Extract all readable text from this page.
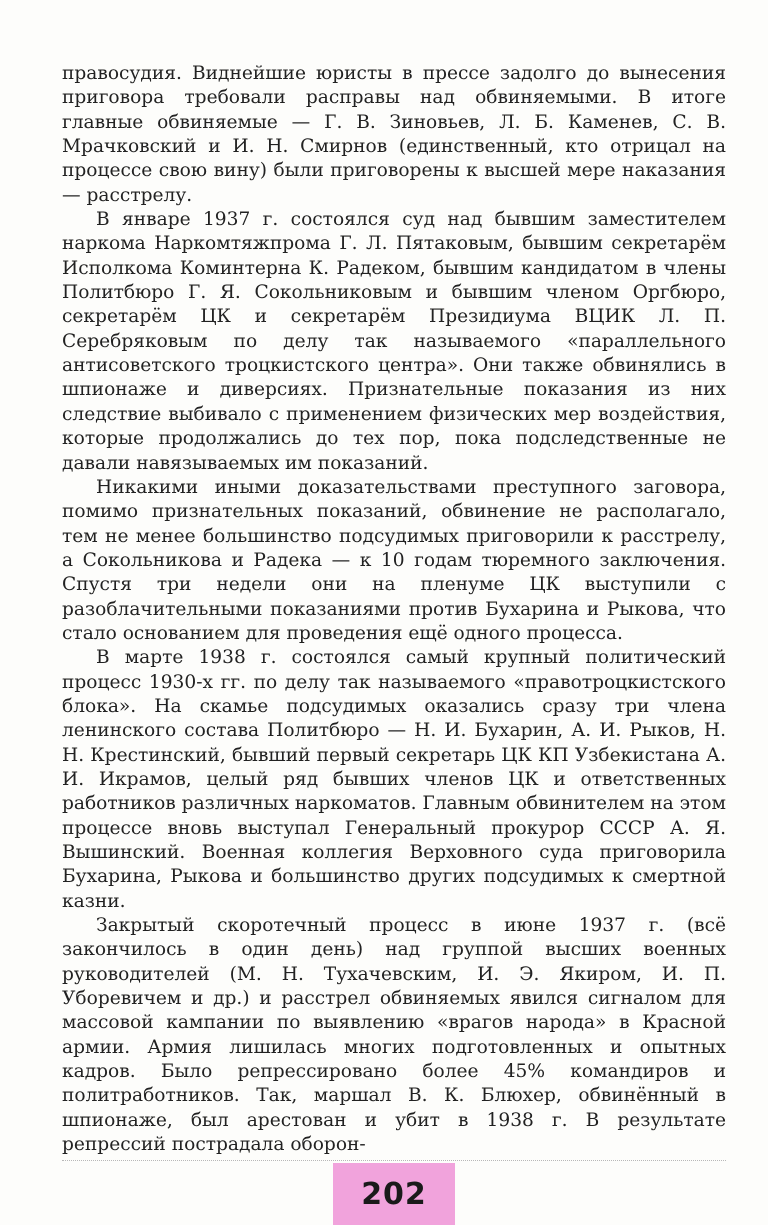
правосудия. Виднейшие юристы в прессе задолго до вынесения приговора требовали расправы над обвиняемыми. В итоге главные обвиняемые — Г. В. Зиновьев, Л. Б. Каменев, С. В. Мрачковский и И. Н. Смирнов (единственный, кто отрицал на процессе свою вину) были приговорены к высшей мере наказания — расстрелу.

В январе 1937 г. состоялся суд над бывшим заместителем наркома Наркомтяжпрома Г. Л. Пятаковым, бывшим секретарём Исполкома Коминтерна К. Радеком, бывшим кандидатом в члены Политбюро Г. Я. Сокольниковым и бывшим членом Оргбюро, секретарём ЦК и секретарём Президиума ВЦИК Л. П. Серебряковым по делу так называемого «параллельного антисоветского троцкистского центра». Они также обвинялись в шпионаже и диверсиях. Признательные показания из них следствие выбивало с применением физических мер воздействия, которые продолжались до тех пор, пока подследственные не давали навязываемых им показаний.

Никакими иными доказательствами преступного заговора, помимо признательных показаний, обвинение не располагало, тем не менее большинство подсудимых приговорили к расстрелу, а Сокольникова и Радека — к 10 годам тюремного заключения. Спустя три недели они на пленуме ЦК выступили с разоблачительными показаниями против Бухарина и Рыкова, что стало основанием для проведения ещё одного процесса.

В марте 1938 г. состоялся самый крупный политический процесс 1930-х гг. по делу так называемого «правотроцкистского блока». На скамье подсудимых оказались сразу три члена ленинского состава Политбюро — Н. И. Бухарин, А. И. Рыков, Н. Н. Крестинский, бывший первый секретарь ЦК КП Узбекистана А. И. Икрамов, целый ряд бывших членов ЦК и ответственных работников различных наркоматов. Главным обвинителем на этом процессе вновь выступал Генеральный прокурор СССР А. Я. Вышинский. Военная коллегия Верховного суда приговорила Бухарина, Рыкова и большинство других подсудимых к смертной казни.

Закрытый скоротечный процесс в июне 1937 г. (всё закончилось в один день) над группой высших военных руководителей (М. Н. Тухачевским, И. Э. Якиром, И. П. Уборевичем и др.) и расстрел обвиняемых явился сигналом для массовой кампании по выявлению «врагов народа» в Красной армии. Армия лишилась многих подготовленных и опытных кадров. Было репрессировано более 45% командиров и политработников. Так, маршал В. К. Блюхер, обвинённый в шпионаже, был арестован и убит в 1938 г. В результате репрессий пострадала оборон-

202
